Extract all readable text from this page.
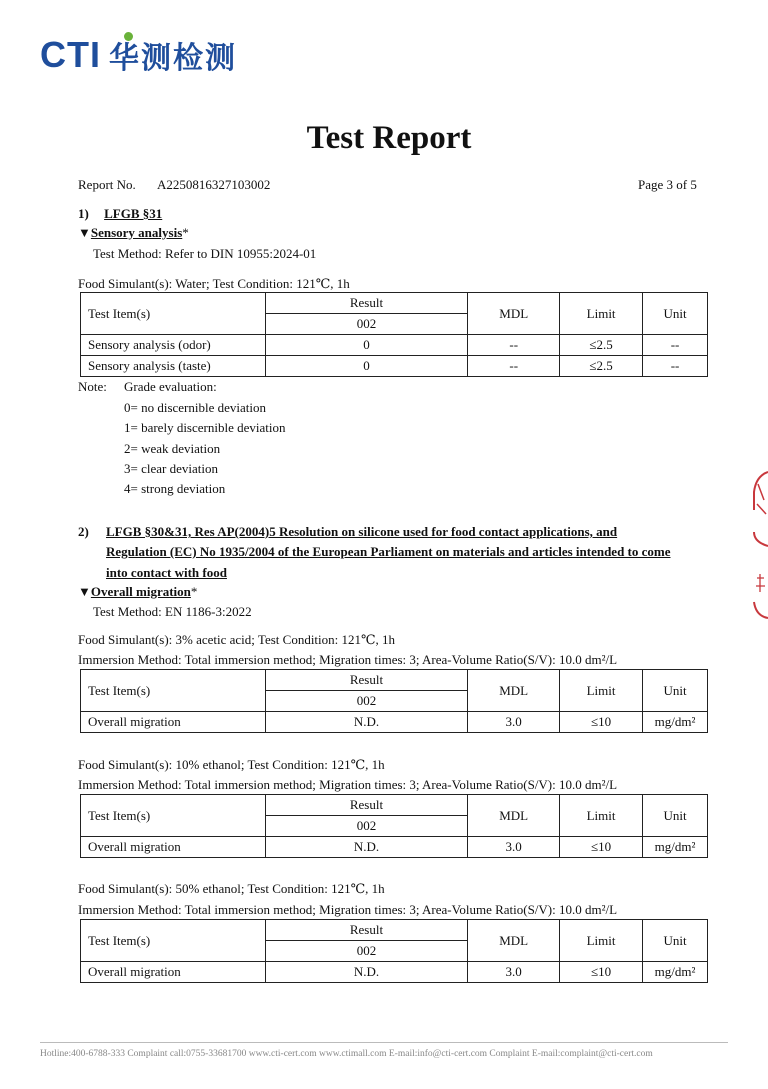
CTI 华测检测
Test Report
Report No. A2250816327103002	Page 3 of 5
1) LFGB §31
▼Sensory analysis*
Test Method: Refer to DIN 10955:2024-01
Food Simulant(s): Water; Test Condition: 121℃, 1h
Test Item(s)	Result	MDL	Limit	Unit
	002			
Sensory analysis (odor)	0	--	≤2.5	--
Sensory analysis (taste)	0	--	≤2.5	--
Note: Grade evaluation:
0= no discernible deviation
1= barely discernible deviation
2= weak deviation
3= clear deviation
4= strong deviation
2) LFGB §30&31, Res AP(2004)5 Resolution on silicone used for food contact applications, and
Regulation (EC) No 1935/2004 of the European Parliament on materials and articles intended to come
into contact with food
▼Overall migration*
Test Method: EN 1186-3:2022
Food Simulant(s): 3% acetic acid; Test Condition: 121℃, 1h
Immersion Method: Total immersion method; Migration times: 3; Area-Volume Ratio(S/V): 10.0 dm²/L
Test Item(s)	Result	MDL	Limit	Unit
	002			
Overall migration	N.D.	3.0	≤10	mg/dm²
Food Simulant(s): 10% ethanol; Test Condition: 121℃, 1h
Immersion Method: Total immersion method; Migration times: 3; Area-Volume Ratio(S/V): 10.0 dm²/L
Test Item(s)	Result	MDL	Limit	Unit
	002			
Overall migration	N.D.	3.0	≤10	mg/dm²
Food Simulant(s): 50% ethanol; Test Condition: 121℃, 1h
Immersion Method: Total immersion method; Migration times: 3; Area-Volume Ratio(S/V): 10.0 dm²/L
Test Item(s)	Result	MDL	Limit	Unit
	002			
Overall migration	N.D.	3.0	≤10	mg/dm²
Hotline:400-6788-333 Complaint call:0755-33681700 www.cti-cert.com www.ctimall.com E-mail:info@cti-cert.com Complaint E-mail:complaint@cti-cert.com
